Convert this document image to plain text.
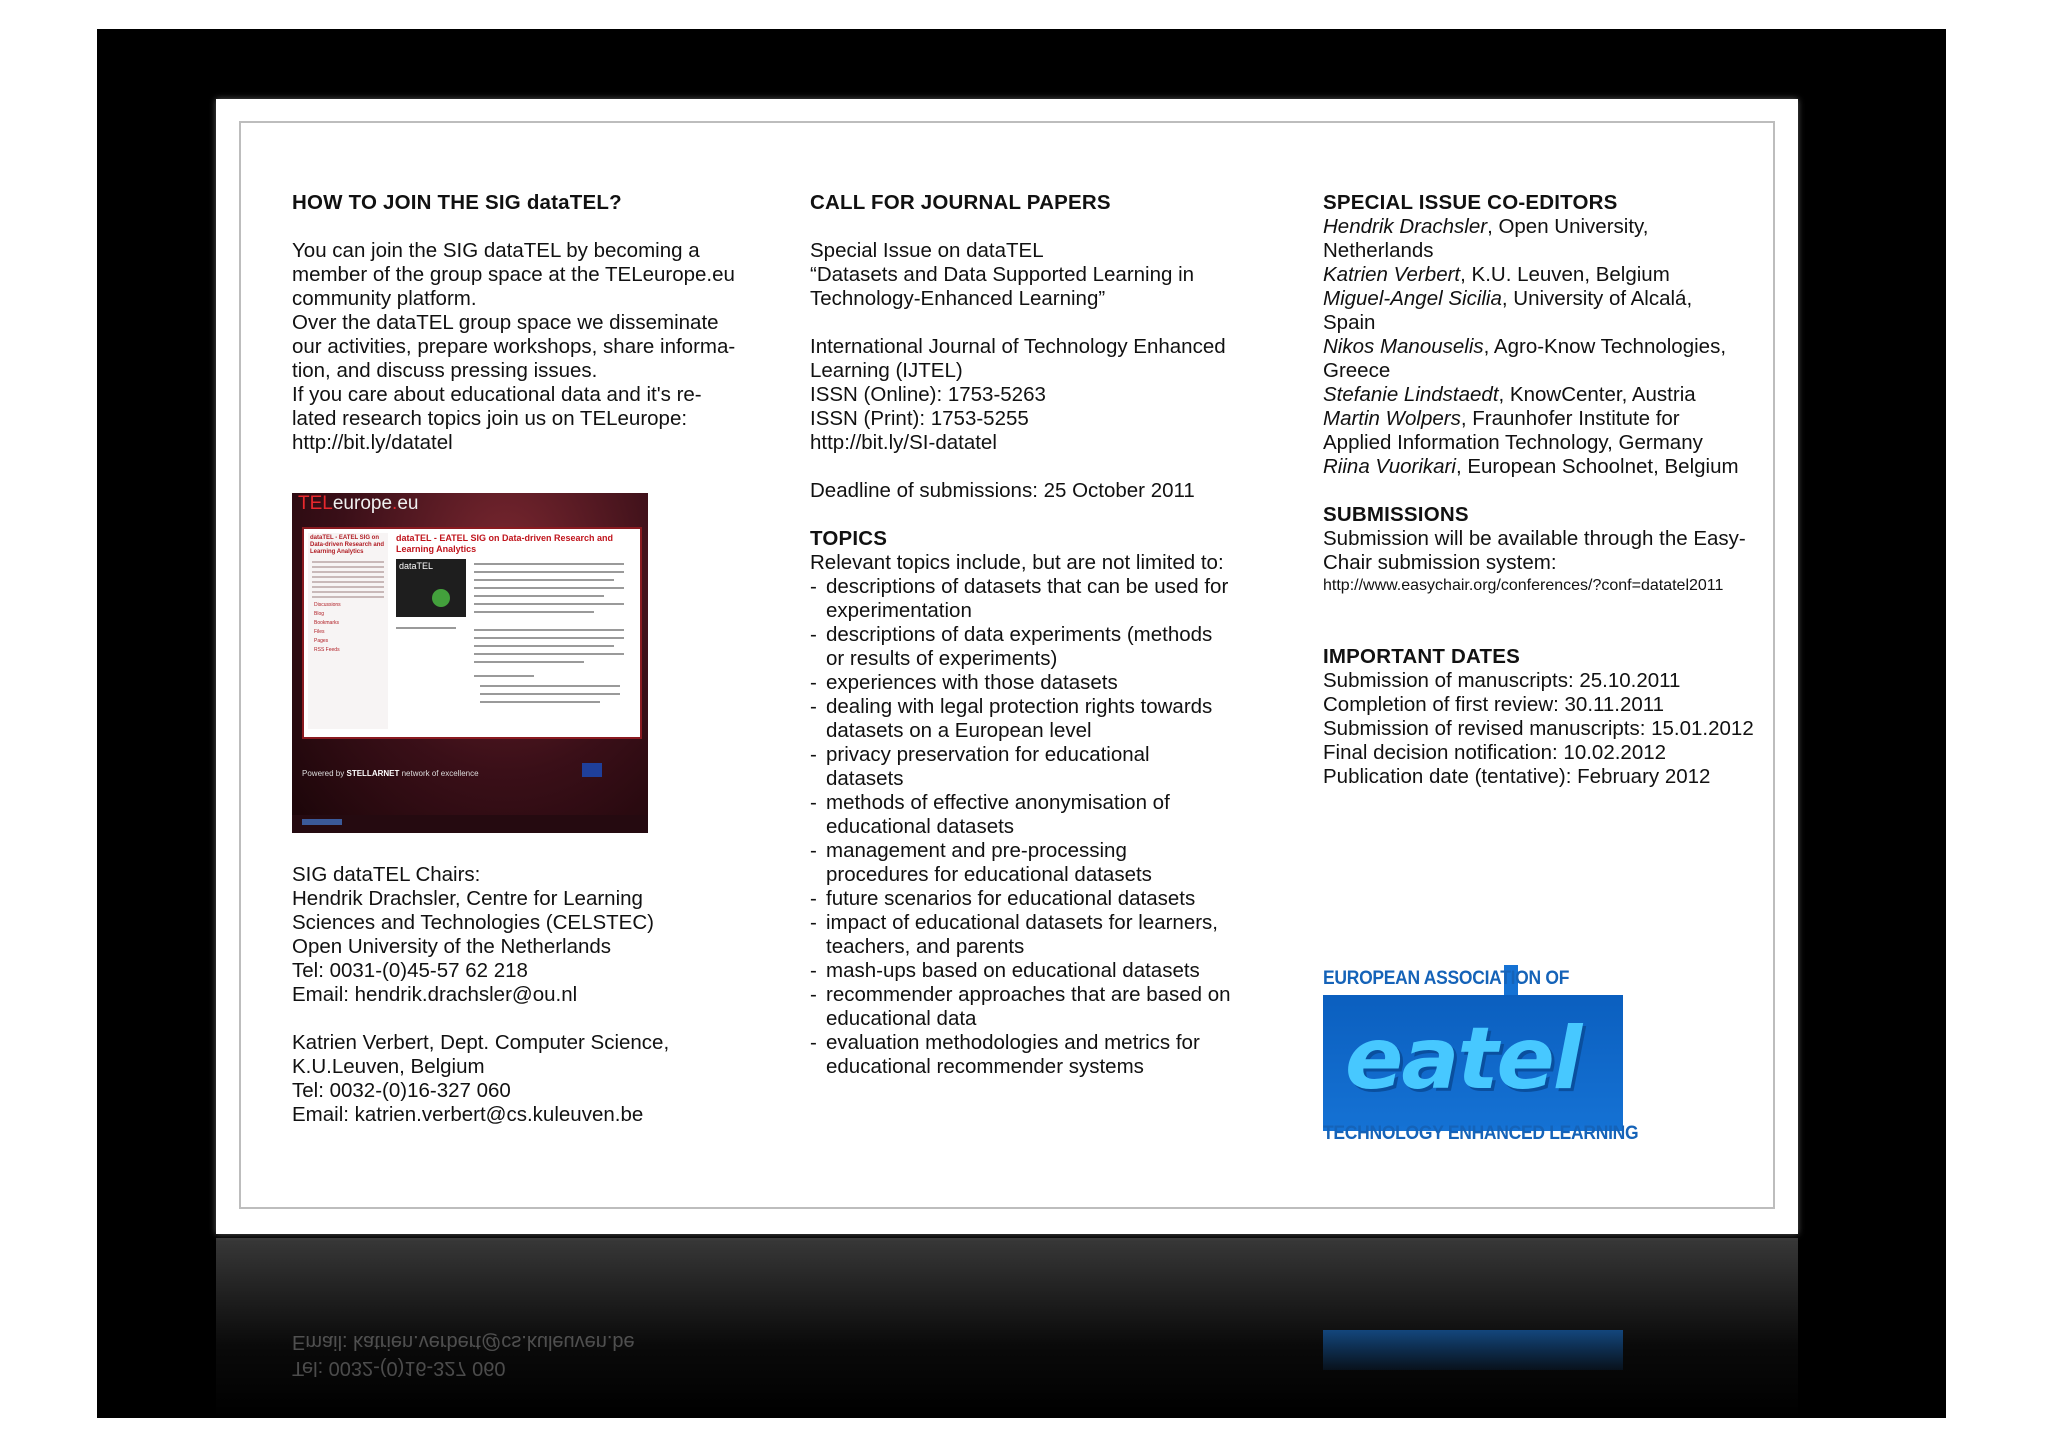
HOW TO JOIN THE SIG dataTEL?
You can join the SIG dataTEL by becoming a
member of the group space at the TELeurope.eu
community platform.
Over the dataTEL group space we disseminate
our activities, prepare workshops, share informa-
tion, and discuss pressing issues.
If you care about educational data and it's re-
lated research topics join us on TELeurope:
http://bit.ly/datatel
TELeurope.eu
dataTEL - EATEL SIG on Data-driven Research and Learning Analytics
Discussions
Blog
Bookmarks
Files
Pages
RSS Feeds
dataTEL - EATEL SIG on Data-driven Research and Learning Analytics
dataTEL
Powered by STELLARNET network of excellence
SIG dataTEL Chairs:
Hendrik Drachsler, Centre for Learning
Sciences and Technologies (CELSTEC)
Open University of the Netherlands
Tel: 0031-(0)45-57 62 218
Email: hendrik.drachsler@ou.nl
Katrien Verbert, Dept. Computer Science,
K.U.Leuven, Belgium
Tel: 0032-(0)16-327 060
Email: katrien.verbert@cs.kuleuven.be
CALL FOR JOURNAL PAPERS
Special Issue on dataTEL
“Datasets and Data Supported Learning in
Technology-Enhanced Learning”
International Journal of Technology Enhanced
Learning (IJTEL)
ISSN (Online): 1753-5263
ISSN (Print): 1753-5255
http://bit.ly/SI-datatel
Deadline of submissions: 25 October 2011
TOPICS
Relevant topics include, but are not limited to:
- descriptions of datasets that can be used for
experimentation
- descriptions of data experiments (methods
or results of experiments)
- experiences with those datasets
- dealing with legal protection rights towards
datasets on a European level
- privacy preservation for educational
datasets
- methods of effective anonymisation of
educational datasets
- management and pre-processing
procedures for educational datasets
- future scenarios for educational datasets
- impact of educational datasets for learners,
teachers, and parents
- mash-ups based on educational datasets
- recommender approaches that are based on
educational data
- evaluation methodologies and metrics for
educational recommender systems
SPECIAL ISSUE CO-EDITORS
Hendrik Drachsler, Open University,
Netherlands
Katrien Verbert, K.U. Leuven, Belgium
Miguel-Angel Sicilia, University of Alcalá,
Spain
Nikos Manouselis, Agro-Know Technologies,
Greece
Stefanie Lindstaedt, KnowCenter, Austria
Martin Wolpers, Fraunhofer Institute for
Applied Information Technology, Germany
Riina Vuorikari, European Schoolnet, Belgium
SUBMISSIONS
Submission will be available through the Easy-
Chair submission system:
http://www.easychair.org/conferences/?conf=datatel2011
IMPORTANT DATES
Submission of manuscripts: 25.10.2011
Completion of first review: 30.11.2011
Submission of revised manuscripts: 15.01.2012
Final decision notification: 10.02.2012
Publication date (tentative): February 2012
EUROPEAN ASSOCIATION OF
eatel
TECHNOLOGY ENHANCED LEARNING
Email: katrien.verbert@cs.kuleuven.be
Tel: 0032-(0)16-327 060
